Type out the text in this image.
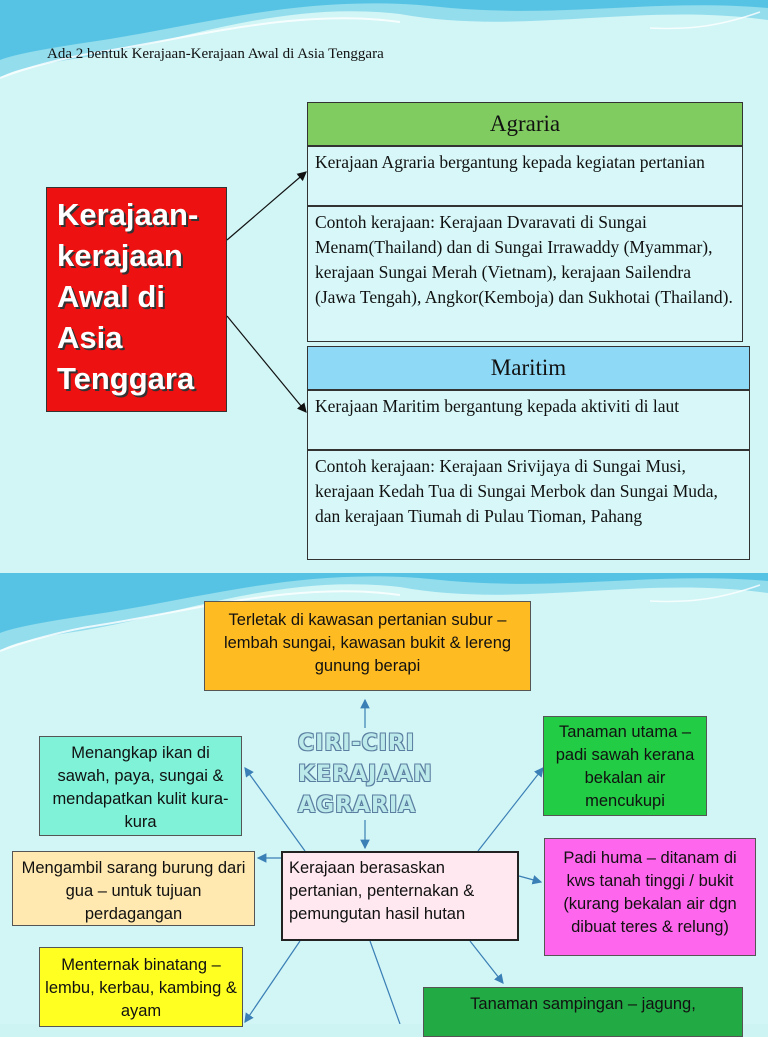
Ada 2 bentuk Kerajaan-Kerajaan Awal di Asia Tenggara
Kerajaan-
kerajaan
Awal di
Asia
Tenggara
Agraria
Kerajaan Agraria bergantung kepada kegiatan pertanian
Contoh kerajaan: Kerajaan Dvaravati di Sungai Menam(Thailand) dan di Sungai Irrawaddy (Myammar), kerajaan Sungai Merah (Vietnam), kerajaan Sailendra (Jawa Tengah), Angkor(Kemboja) dan Sukhotai (Thailand).
Maritim
Kerajaan Maritim bergantung kepada aktiviti di laut
Contoh kerajaan: Kerajaan Srivijaya di Sungai Musi, kerajaan Kedah Tua di Sungai Merbok dan Sungai Muda, dan kerajaan Tiumah di Pulau Tioman, Pahang
CIRI-CIRI
KERAJAAN
AGRARIA
Terletak di kawasan pertanian subur – lembah sungai, kawasan bukit & lereng gunung berapi
Menangkap ikan di sawah, paya, sungai & mendapatkan kulit kura-kura
Mengambil sarang burung dari gua – untuk tujuan perdagangan
Menternak binatang – lembu, kerbau, kambing & ayam
Kerajaan berasaskan pertanian, penternakan & pemungutan hasil hutan
Tanaman utama – padi sawah kerana bekalan air mencukupi
Padi huma – ditanam di kws tanah tinggi / bukit (kurang bekalan air dgn dibuat teres & relung)
Tanaman sampingan – jagung,
